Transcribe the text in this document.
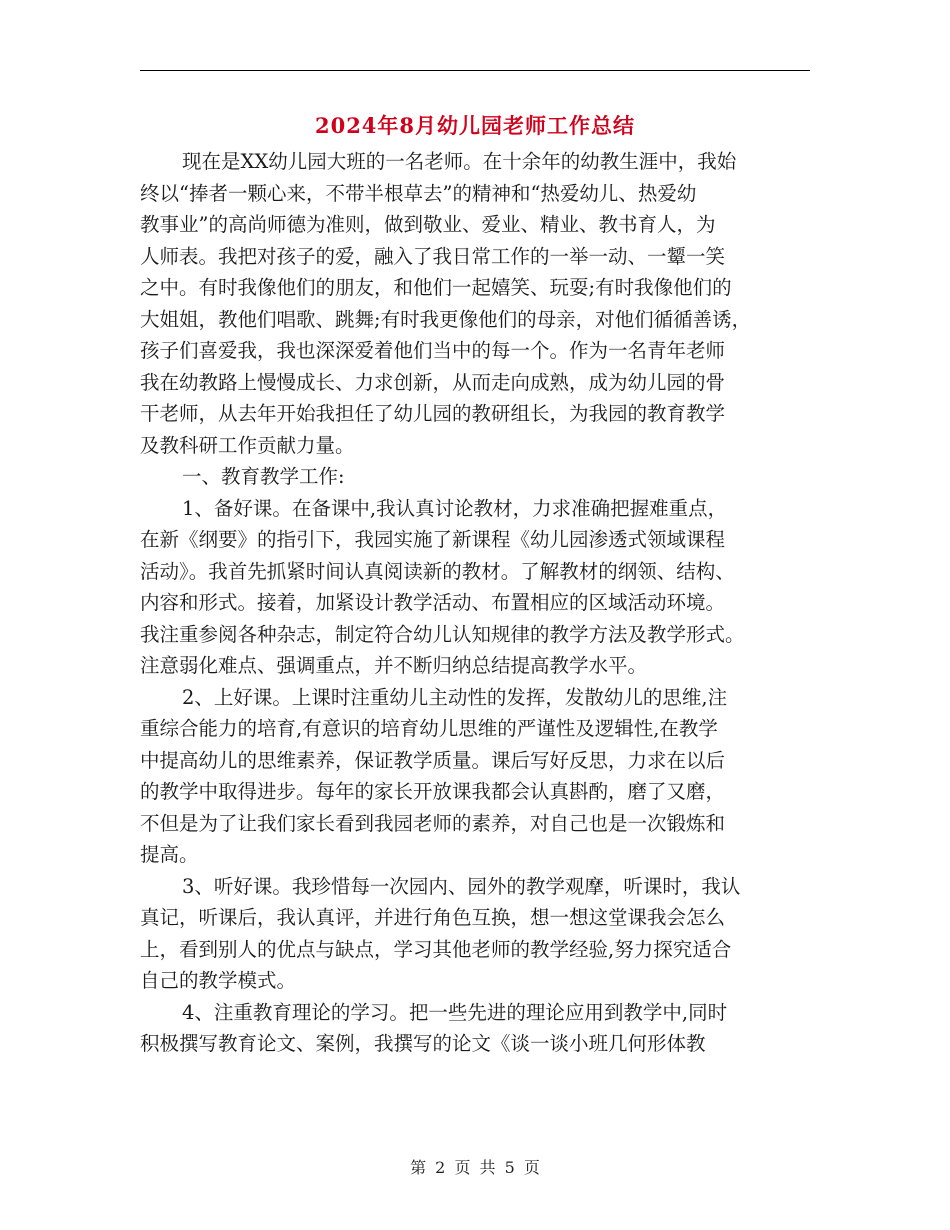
2024年8月幼儿园老师工作总结
现在是XX幼儿园大班的一名老师。在十余年的幼教生涯中，我始
终以“捧者一颗心来，不带半根草去”的精神和“热爱幼儿、热爱幼
教事业”的高尚师德为准则，做到敬业、爱业、精业、教书育人，为
人师表。我把对孩子的爱，融入了我日常工作的一举一动、一颦一笑
之中。有时我像他们的朋友，和他们一起嬉笑、玩耍;有时我像他们的
大姐姐，教他们唱歌、跳舞;有时我更像他们的母亲，对他们循循善诱，
孩子们喜爱我，我也深深爱着他们当中的每一个。作为一名青年老师
我在幼教路上慢慢成长、力求创新，从而走向成熟，成为幼儿园的骨
干老师，从去年开始我担任了幼儿园的教研组长，为我园的教育教学
及教科研工作贡献力量。
一、教育教学工作:
1、备好课。在备课中,我认真讨论教材，力求准确把握难重点，
在新《纲要》的指引下，我园实施了新课程《幼儿园渗透式领域课程
活动》。我首先抓紧时间认真阅读新的教材。了解教材的纲领、结构、
内容和形式。接着，加紧设计教学活动、布置相应的区域活动环境。
我注重参阅各种杂志，制定符合幼儿认知规律的教学方法及教学形式。
注意弱化难点、强调重点，并不断归纳总结提高教学水平。
2、上好课。上课时注重幼儿主动性的发挥，发散幼儿的思维,注
重综合能力的培育,有意识的培育幼儿思维的严谨性及逻辑性,在教学
中提高幼儿的思维素养，保证教学质量。课后写好反思，力求在以后
的教学中取得进步。每年的家长开放课我都会认真斟酌，磨了又磨，
不但是为了让我们家长看到我园老师的素养，对自己也是一次锻炼和
提高。
3、听好课。我珍惜每一次园内、园外的教学观摩，听课时，我认
真记，听课后，我认真评，并进行角色互换，想一想这堂课我会怎么
上，看到别人的优点与缺点，学习其他老师的教学经验,努力探究适合
自己的教学模式。
4、注重教育理论的学习。把一些先进的理论应用到教学中,同时
积极撰写教育论文、案例，我撰写的论文《谈一谈小班几何形体教
第 2 页 共 5 页
